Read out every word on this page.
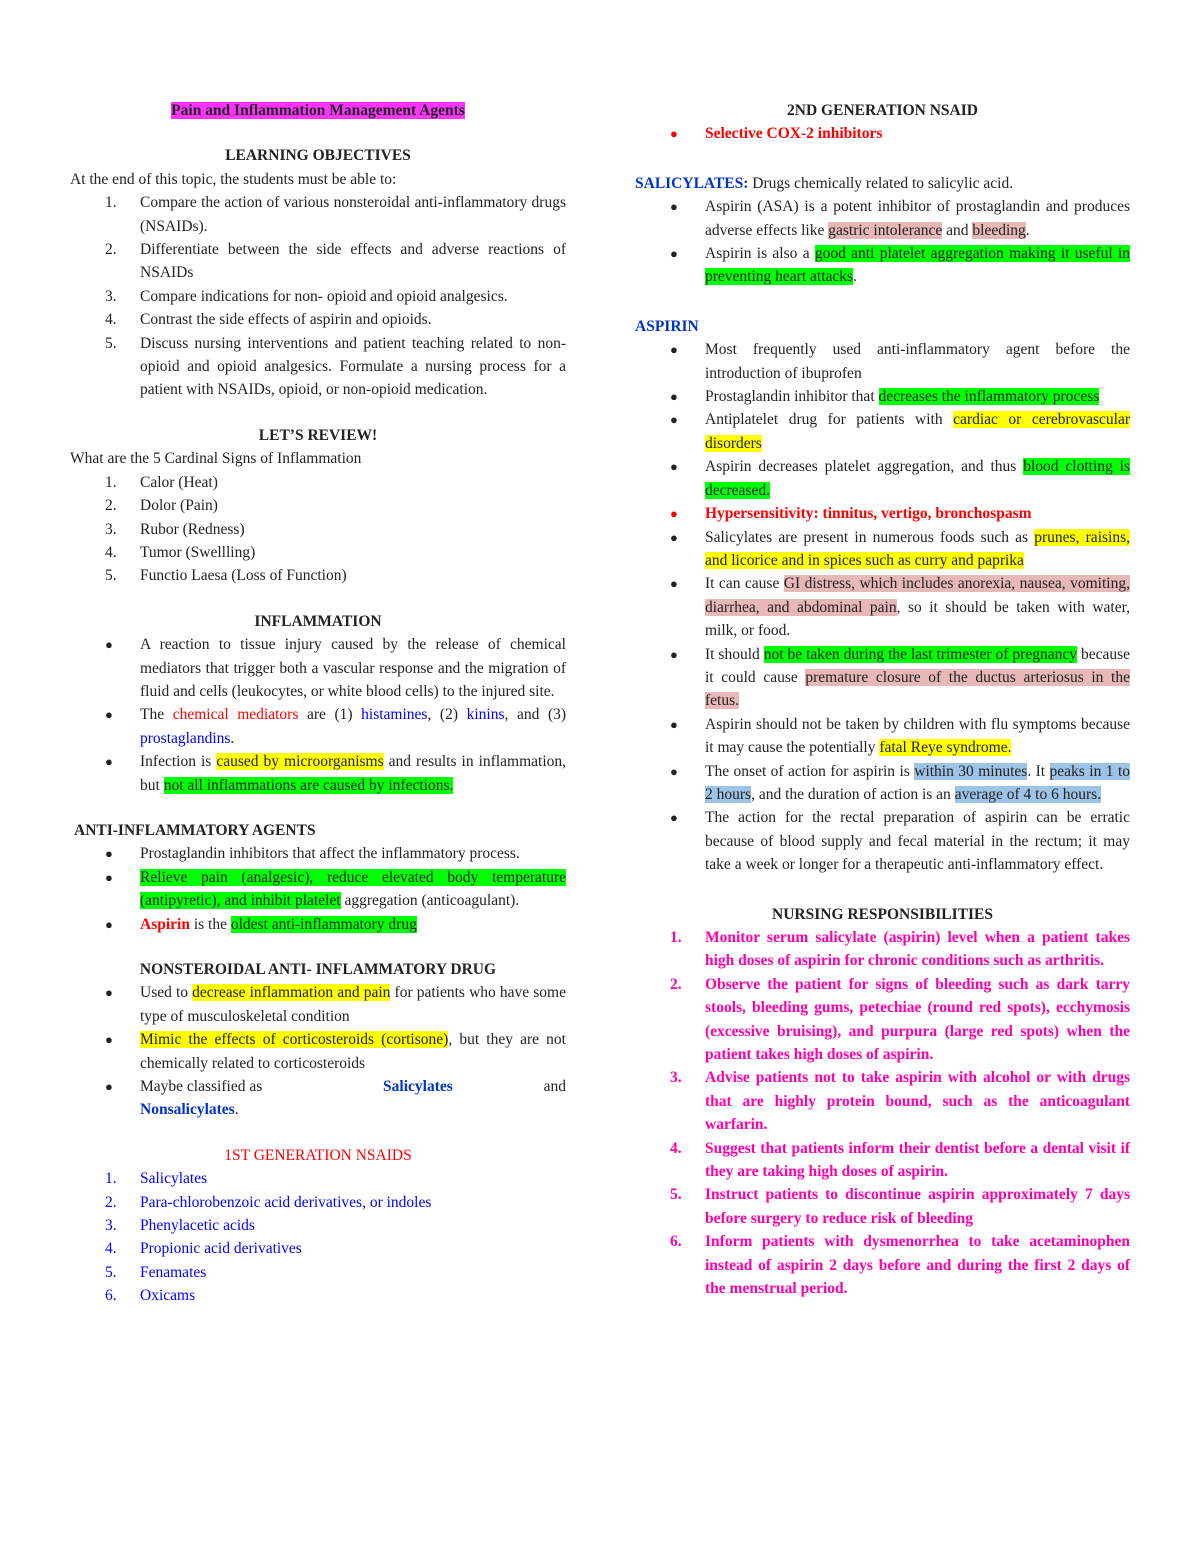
Pain and Inflammation Management Agents
LEARNING OBJECTIVES
At the end of this topic, the students must be able to:
1. Compare the action of various nonsteroidal anti-inflammatory drugs (NSAIDs).
2. Differentiate between the side effects and adverse reactions of NSAIDs
3. Compare indications for non- opioid and opioid analgesics.
4. Contrast the side effects of aspirin and opioids.
5. Discuss nursing interventions and patient teaching related to non-opioid and opioid analgesics. Formulate a nursing process for a patient with NSAIDs, opioid, or non-opioid medication.
LET’S REVIEW!
What are the 5 Cardinal Signs of Inflammation
1. Calor (Heat)
2. Dolor (Pain)
3. Rubor (Redness)
4. Tumor (Swellling)
5. Functio Laesa (Loss of Function)
INFLAMMATION
● A reaction to tissue injury caused by the release of chemical mediators that trigger both a vascular response and the migration of fluid and cells (leukocytes, or white blood cells) to the injured site.
● The chemical mediators are (1) histamines, (2) kinins, and (3) prostaglandins.
● Infection is caused by microorganisms and results in inflammation, but not all inflammations are caused by infections.
ANTI-INFLAMMATORY AGENTS
● Prostaglandin inhibitors that affect the inflammatory process.
● Relieve pain (analgesic), reduce elevated body temperature (antipyretic), and inhibit platelet aggregation (anticoagulant).
● Aspirin is the oldest anti-inflammatory drug
NONSTEROIDAL ANTI- INFLAMMATORY DRUG
● Used to decrease inflammation and pain for patients who have some type of musculoskeletal condition
● Mimic the effects of corticosteroids (cortisone), but they are not chemically related to corticosteroids
● Maybe classified as	Salicylates	and
Nonsalicylates.
1ST GENERATION NSAIDS
1. Salicylates
2. Para-chlorobenzoic acid derivatives, or indoles
3. Phenylacetic acids
4. Propionic acid derivatives
5. Fenamates
6. Oxicams
2ND GENERATION NSAID
● Selective COX-2 inhibitors
SALICYLATES: Drugs chemically related to salicylic acid.
● Aspirin (ASA) is a potent inhibitor of prostaglandin and produces adverse effects like gastric intolerance and bleeding.
● Aspirin is also a good anti platelet aggregation making it useful in preventing heart attacks.
ASPIRIN
● Most frequently used anti-inflammatory agent before the introduction of ibuprofen
● Prostaglandin inhibitor that decreases the inflammatory process
● Antiplatelet drug for patients with cardiac or cerebrovascular disorders
● Aspirin decreases platelet aggregation, and thus blood clotting is decreased.
● Hypersensitivity: tinnitus, vertigo, bronchospasm
● Salicylates are present in numerous foods such as prunes, raisins, and licorice and in spices such as curry and paprika
● It can cause GI distress, which includes anorexia, nausea, vomiting, diarrhea, and abdominal pain, so it should be taken with water, milk, or food.
● It should not be taken during the last trimester of pregnancy because it could cause premature closure of the ductus arteriosus in the fetus.
● Aspirin should not be taken by children with flu symptoms because it may cause the potentially fatal Reye syndrome.
● The onset of action for aspirin is within 30 minutes. It peaks in 1 to 2 hours, and the duration of action is an average of 4 to 6 hours.
● The action for the rectal preparation of aspirin can be erratic because of blood supply and fecal material in the rectum; it may take a week or longer for a therapeutic anti-inflammatory effect.
NURSING RESPONSIBILITIES
1. Monitor serum salicylate (aspirin) level when a patient takes high doses of aspirin for chronic conditions such as arthritis.
2. Observe the patient for signs of bleeding such as dark tarry stools, bleeding gums, petechiae (round red spots), ecchymosis (excessive bruising), and purpura (large red spots) when the patient takes high doses of aspirin.
3. Advise patients not to take aspirin with alcohol or with drugs that are highly protein bound, such as the anticoagulant warfarin.
4. Suggest that patients inform their dentist before a dental visit if they are taking high doses of aspirin.
5. Instruct patients to discontinue aspirin approximately 7 days before surgery to reduce risk of bleeding
6. Inform patients with dysmenorrhea to take acetaminophen instead of aspirin 2 days before and during the first 2 days of the menstrual period.
